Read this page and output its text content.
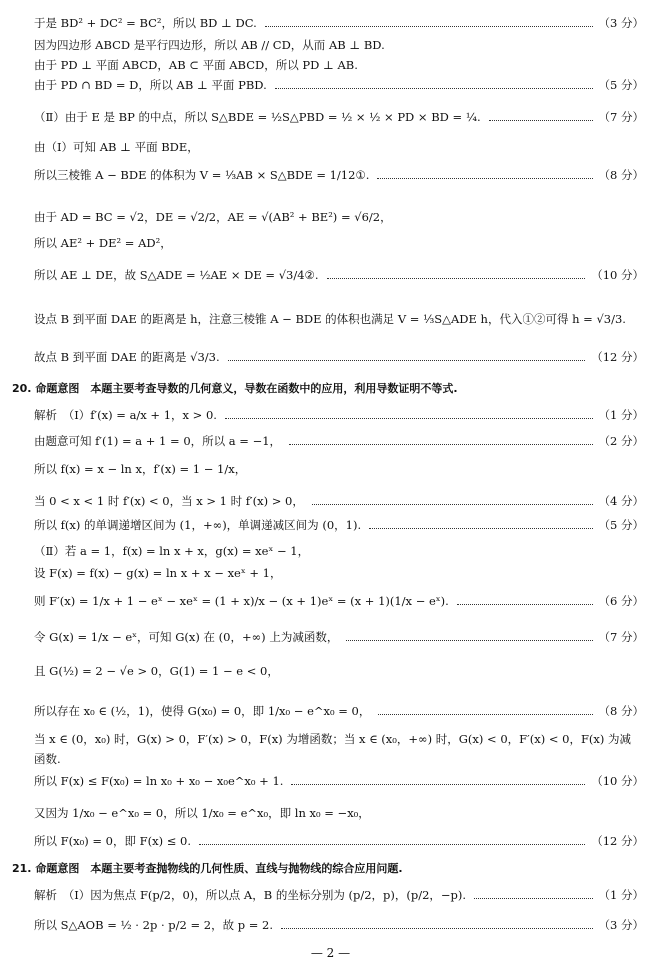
于是 BD² + DC² = BC²，所以 BD ⊥ DC.	（3 分）
因为四边形 ABCD 是平行四边形，所以 AB // CD，从而 AB ⊥ BD.
由于 PD ⊥ 平面 ABCD，AB ⊂ 平面 ABCD，所以 PD ⊥ AB.
由于 PD ∩ BD = D，所以 AB ⊥ 平面 PBD.	（5 分）
（Ⅱ）由于 E 是 BP 的中点，所以 S△BDE = ½S△PBD = ½ × ½ × PD × BD = ¼.	（7 分）
由（Ⅰ）可知 AB ⊥ 平面 BDE，
所以三棱锥 A − BDE 的体积为 V = ⅓AB × S△BDE = 1/12①.	（8 分）
由于 AD = BC = √2，DE = √2/2，AE = √(AB² + BE²) = √6/2，
所以 AE² + DE² = AD²，
所以 AE ⊥ DE，故 S△ADE = ½AE × DE = √3/4②.	（10 分）
设点 B 到平面 DAE 的距离是 h，注意三棱锥 A − BDE 的体积也满足 V = ⅓S△ADE h，代入①②可得 h = √3/3.
故点 B 到平面 DAE 的距离是 √3/3.	（12 分）
20. 命题意图　本题主要考查导数的几何意义，导数在函数中的应用，利用导数证明不等式.
解析　（Ⅰ）f′(x) = a/x + 1，x > 0.	（1 分）
由题意可知 f′(1) = a + 1 = 0，所以 a = −1，	（2 分）
所以 f(x) = x − ln x，f′(x) = 1 − 1/x，
当 0 < x < 1 时 f′(x) < 0，当 x > 1 时 f′(x) > 0，	（4 分）
所以 f(x) 的单调递增区间为 (1，+∞)，单调递减区间为 (0，1).	（5 分）
（Ⅱ）若 a = 1，f(x) = ln x + x，g(x) = xeˣ − 1，
设 F(x) = f(x) − g(x) = ln x + x − xeˣ + 1，
则 F′(x) = 1/x + 1 − eˣ − xeˣ = (1 + x)/x − (x + 1)eˣ = (x + 1)(1/x − eˣ).	（6 分）
令 G(x) = 1/x − eˣ，可知 G(x) 在 (0，+∞) 上为减函数，	（7 分）
且 G(½) = 2 − √e > 0，G(1) = 1 − e < 0，
所以存在 x₀ ∈ (½，1)，使得 G(x₀) = 0，即 1/x₀ − e^x₀ = 0，	（8 分）
当 x ∈ (0，x₀) 时，G(x) > 0，F′(x) > 0，F(x) 为增函数；当 x ∈ (x₀，+∞) 时，G(x) < 0，F′(x) < 0，F(x) 为减
函数.
所以 F(x) ≤ F(x₀) = ln x₀ + x₀ − x₀e^x₀ + 1.	（10 分）
又因为 1/x₀ − e^x₀ = 0，所以 1/x₀ = e^x₀，即 ln x₀ = −x₀，
所以 F(x₀) = 0，即 F(x) ≤ 0.	（12 分）
21. 命题意图　本题主要考查抛物线的几何性质、直线与抛物线的综合应用问题.
解析　（Ⅰ）因为焦点 F(p/2，0)，所以点 A，B 的坐标分别为 (p/2，p)，(p/2，−p).	（1 分）
所以 S△AOB = ½ · 2p · p/2 = 2，故 p = 2.	（3 分）
— 2 —
